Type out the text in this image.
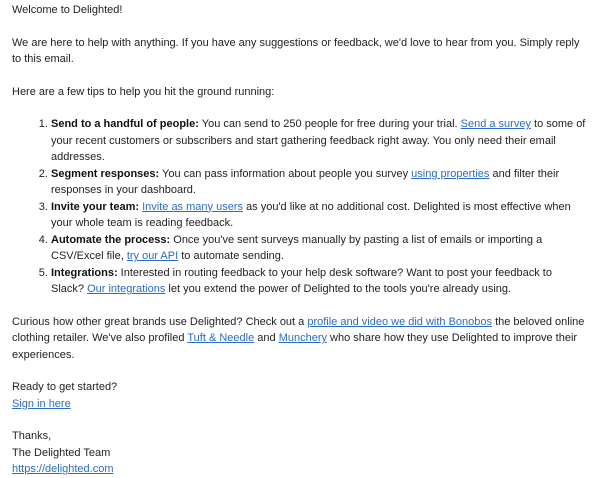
Welcome to Delighted!

We are here to help with anything. If you have any suggestions or feedback, we'd love to hear from you. Simply reply to this email.

Here are a few tips to help you hit the ground running:

1. Send to a handful of people: You can send to 250 people for free during your trial. Send a survey to some of your recent customers or subscribers and start gathering feedback right away. You only need their email addresses.
2. Segment responses: You can pass information about people you survey using properties and filter their responses in your dashboard.
3. Invite your team: Invite as many users as you'd like at no additional cost. Delighted is most effective when your whole team is reading feedback.
4. Automate the process: Once you've sent surveys manually by pasting a list of emails or importing a CSV/Excel file, try our API to automate sending.
5. Integrations: Interested in routing feedback to your help desk software? Want to post your feedback to Slack? Our integrations let you extend the power of Delighted to the tools you're already using.

Curious how other great brands use Delighted? Check out a profile and video we did with Bonobos the beloved online clothing retailer. We've also profiled Tuft & Needle and Munchery who share how they use Delighted to improve their experiences.

Ready to get started?
Sign in here

Thanks,
The Delighted Team
https://delighted.com
